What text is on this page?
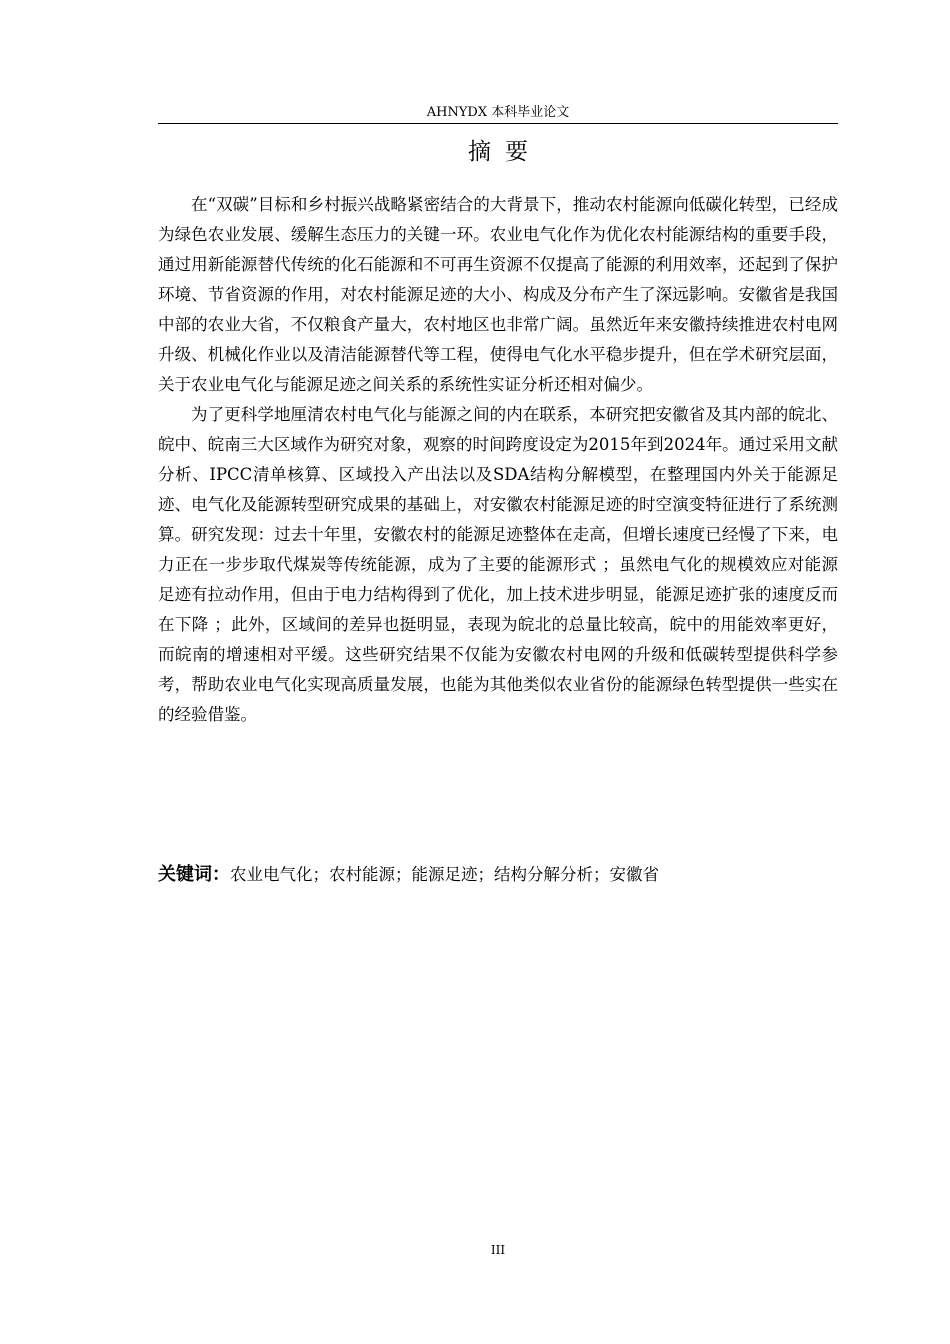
AHNYDX 本科毕业论文
摘要

在“双碳”目标和乡村振兴战略紧密结合的大背景下，推动农村能源向低碳化转型，已经成为绿色农业发展、缓解生态压力的关键一环。农业电气化作为优化农村能源结构的重要手段，通过用新能源替代传统的化石能源和不可再生资源不仅提高了能源的利用效率，还起到了保护环境、节省资源的作用，对农村能源足迹的大小、构成及分布产生了深远影响。安徽省是我国中部的农业大省，不仅粮食产量大，农村地区也非常广阔。虽然近年来安徽持续推进农村电网升级、机械化作业以及清洁能源替代等工程，使得电气化水平稳步提升，但在学术研究层面，关于农业电气化与能源足迹之间关系的系统性实证分析还相对偏少。

为了更科学地厘清农村电气化与能源之间的内在联系，本研究把安徽省及其内部的皖北、皖中、皖南三大区域作为研究对象，观察的时间跨度设定为2015年到2024年。通过采用文献分析、IPCC清单核算、区域投入产出法以及SDA结构分解模型，在整理国内外关于能源足迹、电气化及能源转型研究成果的基础上，对安徽农村能源足迹的时空演变特征进行了系统测算。研究发现：过去十年里，安徽农村的能源足迹整体在走高，但增长速度已经慢了下来，电力正在一步步取代煤炭等传统能源，成为了主要的能源形式 ；虽然电气化的规模效应对能源足迹有拉动作用，但由于电力结构得到了优化，加上技术进步明显，能源足迹扩张的速度反而在下降 ；此外，区域间的差异也挺明显，表现为皖北的总量比较高，皖中的用能效率更好，而皖南的增速相对平缓。这些研究结果不仅能为安徽农村电网的升级和低碳转型提供科学参考，帮助农业电气化实现高质量发展，也能为其他类似农业省份的能源绿色转型提供一些实在的经验借鉴。

关键词：农业电气化；农村能源；能源足迹；结构分解分析；安徽省
III
